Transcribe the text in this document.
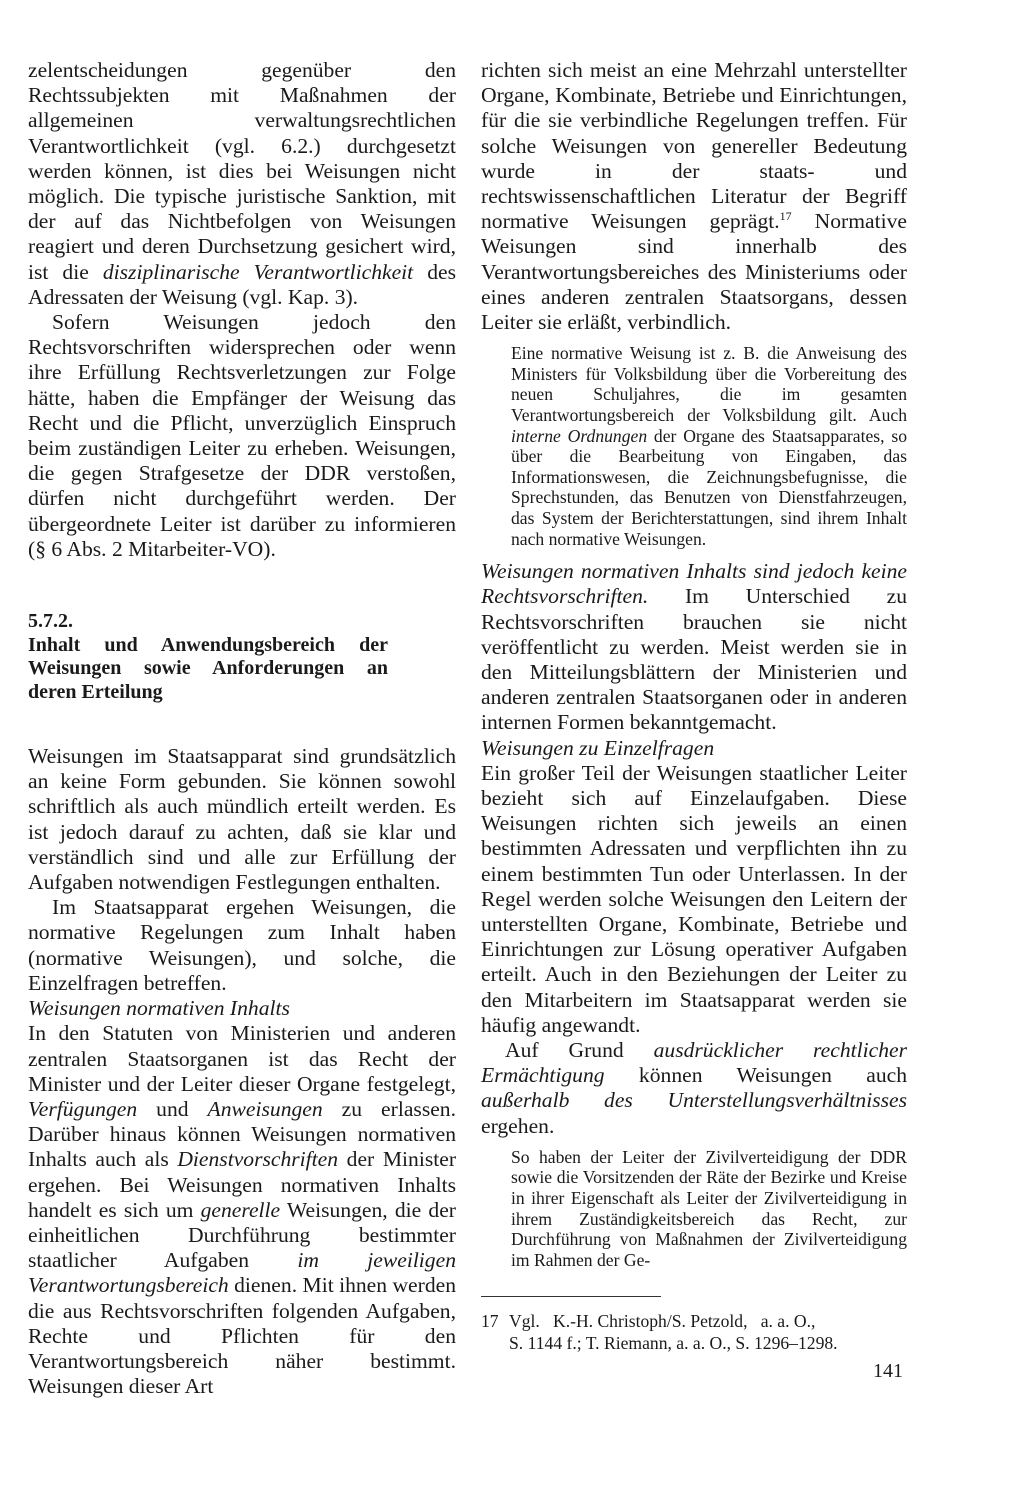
zelentscheidungen gegenüber den Rechtssubjekten mit Maßnahmen der allgemeinen verwaltungsrechtlichen Verantwortlichkeit (vgl. 6.2.) durchgesetzt werden können, ist dies bei Weisungen nicht möglich. Die typische juristische Sanktion, mit der auf das Nichtbefolgen von Weisungen reagiert und deren Durchsetzung gesichert wird, ist die disziplinarische Verantwortlichkeit des Adressaten der Weisung (vgl. Kap. 3).

Sofern Weisungen jedoch den Rechtsvorschriften widersprechen oder wenn ihre Erfüllung Rechtsverletzungen zur Folge hätte, haben die Empfänger der Weisung das Recht und die Pflicht, unverzüglich Einspruch beim zuständigen Leiter zu erheben. Weisungen, die gegen Strafgesetze der DDR verstoßen, dürfen nicht durchgeführt werden. Der übergeordnete Leiter ist darüber zu informieren (§ 6 Abs. 2 Mitarbeiter-VO).

5.7.2.

Inhalt und Anwendungsbereich der Weisungen sowie Anforderungen an deren Erteilung

Weisungen im Staatsapparat sind grundsätzlich an keine Form gebunden. Sie können sowohl schriftlich als auch mündlich erteilt werden. Es ist jedoch darauf zu achten, daß sie klar und verständlich sind und alle zur Erfüllung der Aufgaben notwendigen Festlegungen enthalten.

Im Staatsapparat ergehen Weisungen, die normative Regelungen zum Inhalt haben (normative Weisungen), und solche, die Einzelfragen betreffen.

Weisungen normativen Inhalts

In den Statuten von Ministerien und anderen zentralen Staatsorganen ist das Recht der Minister und der Leiter dieser Organe festgelegt, Verfügungen und Anweisungen zu erlassen. Darüber hinaus können Weisungen normativen Inhalts auch als Dienstvorschriften der Minister ergehen. Bei Weisungen normativen Inhalts handelt es sich um generelle Weisungen, die der einheitlichen Durchführung bestimmter staatlicher Aufgaben im jeweiligen Verantwortungsbereich dienen. Mit ihnen werden die aus Rechtsvorschriften folgenden Aufgaben, Rechte und Pflichten für den Verantwortungsbereich näher bestimmt. Weisungen dieser Art

richten sich meist an eine Mehrzahl unterstellter Organe, Kombinate, Betriebe und Einrichtungen, für die sie verbindliche Regelungen treffen. Für solche Weisungen von genereller Bedeutung wurde in der staats- und rechtswissenschaftlichen Literatur der Begriff normative Weisungen geprägt.$^{17}$ Normative Weisungen sind innerhalb des Verantwortungsbereiches des Ministeriums oder eines anderen zentralen Staatsorgans, dessen Leiter sie erläßt, verbindlich.

Eine normative Weisung ist z. B. die Anweisung des Ministers für Volksbildung über die Vorbereitung des neuen Schuljahres, die im gesamten Verantwortungsbereich der Volksbildung gilt. Auch interne Ordnungen der Organe des Staatsapparates, so über die Bearbeitung von Eingaben, das Informationswesen, die Zeichnungsbefugnisse, die Sprechstunden, das Benutzen von Dienstfahrzeugen, das System der Berichterstattungen, sind ihrem Inhalt nach normative Weisungen.

Weisungen normativen Inhalts sind jedoch keine Rechtsvorschriften. Im Unterschied zu Rechtsvorschriften brauchen sie nicht veröffentlicht zu werden. Meist werden sie in den Mitteilungsblättern der Ministerien und anderen zentralen Staatsorganen oder in anderen internen Formen bekanntgemacht.

Weisungen zu Einzelfragen

Ein großer Teil der Weisungen staatlicher Leiter bezieht sich auf Einzelaufgaben. Diese Weisungen richten sich jeweils an einen bestimmten Adressaten und verpflichten ihn zu einem bestimmten Tun oder Unterlassen. In der Regel werden solche Weisungen den Leitern der unterstellten Organe, Kombinate, Betriebe und Einrichtungen zur Lösung operativer Aufgaben erteilt. Auch in den Beziehungen der Leiter zu den Mitarbeitern im Staatsapparat werden sie häufig angewandt.

Auf Grund ausdrücklicher rechtlicher Ermächtigung können Weisungen auch außerhalb des Unterstellungsverhältnisses ergehen.

So haben der Leiter der Zivilverteidigung der DDR sowie die Vorsitzenden der Räte der Bezirke und Kreise in ihrer Eigenschaft als Leiter der Zivilverteidigung in ihrem Zuständigkeitsbereich das Recht, zur Durchführung von Maßnahmen der Zivilverteidigung im Rahmen der Ge-

17 Vgl.   K.-H. Christoph/S. Petzold,   a. a. O.,
S. 1144 f.; T. Riemann, a. a. O., S. 1296–1298.
141
